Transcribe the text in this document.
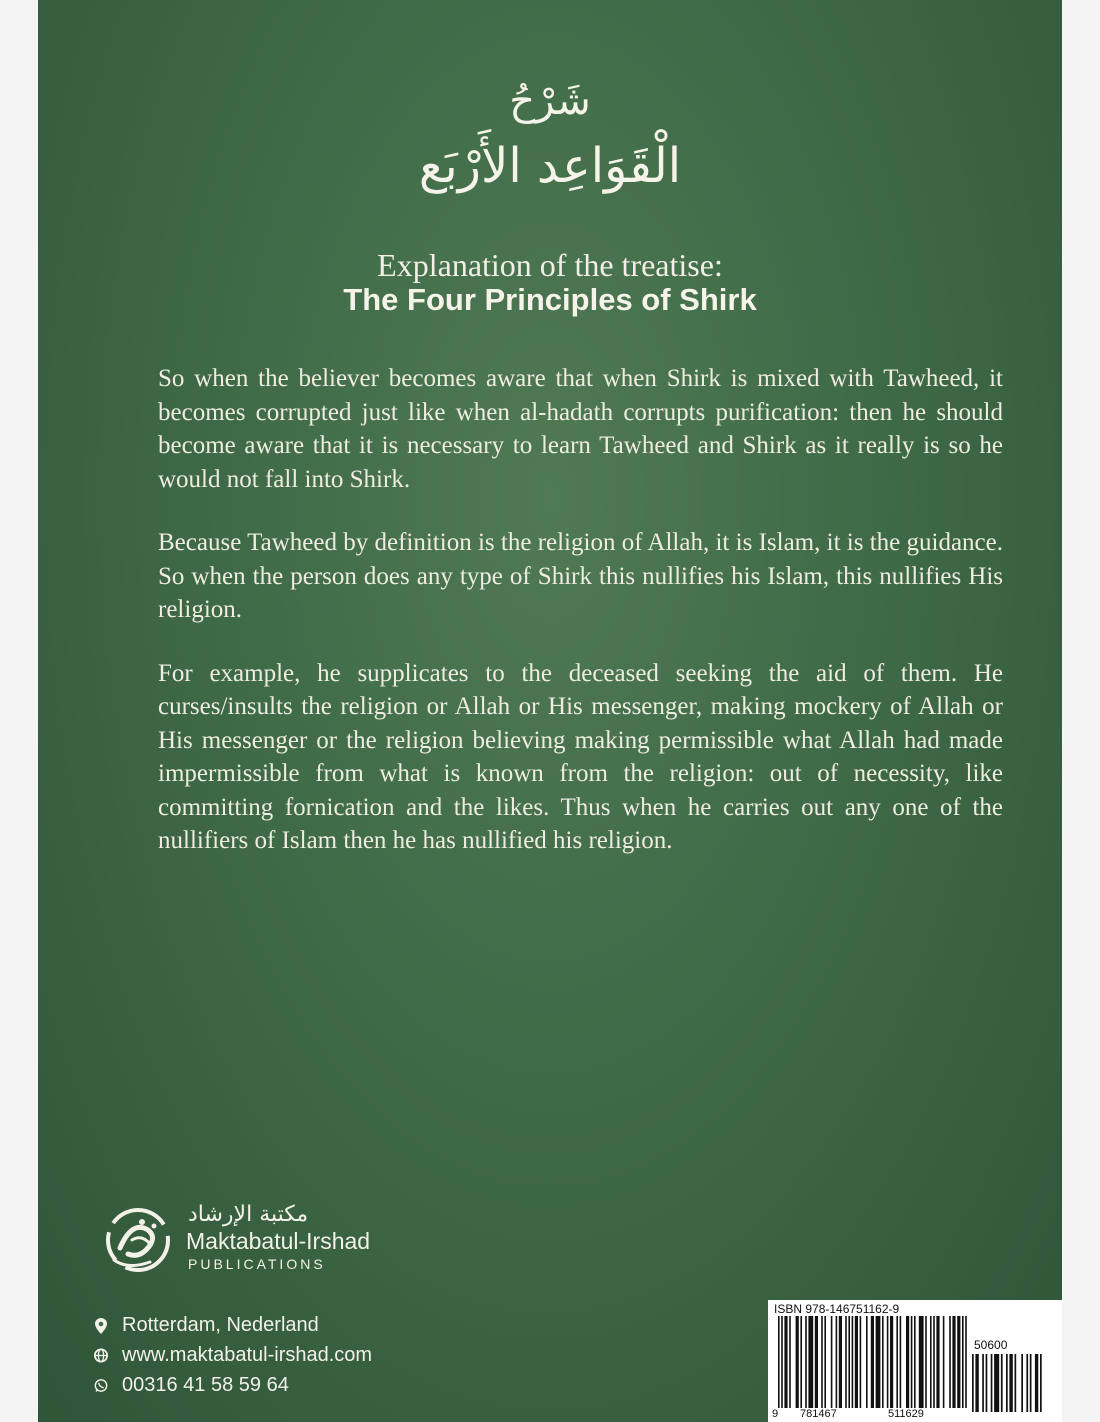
شَرْحُ
الْقَوَاعِد الأَرْبَع
Explanation of the treatise:
The Four Principles of Shirk

So when the believer becomes aware that when Shirk is mixed with Tawheed, it becomes corrupted just like when al-hadath corrupts purification: then he should become aware that it is necessary to learn Tawheed and Shirk as it really is so he would not fall into Shirk.

Because Tawheed by definition is the religion of Allah, it is Islam, it is the guidance. So when the person does any type of Shirk this nullifies his Islam, this nullifies His religion.

For example, he supplicates to the deceased seeking the aid of them. He curses/insults the religion or Allah or His messenger, making mockery of Allah or His messenger or the religion believing making permissible what Allah had made impermissible from what is known from the religion: out of necessity, like committing fornication and the likes. Thus when he carries out any one of the nullifiers of Islam then he has nullified his religion.

مكتبة الإرشاد
Maktabatul-Irshad
PUBLICATIONS
Rotterdam, Nederland
www.maktabatul-irshad.com
00316 41 58 59 64
ISBN 978-146751162-9
50600
9 781467	511629
